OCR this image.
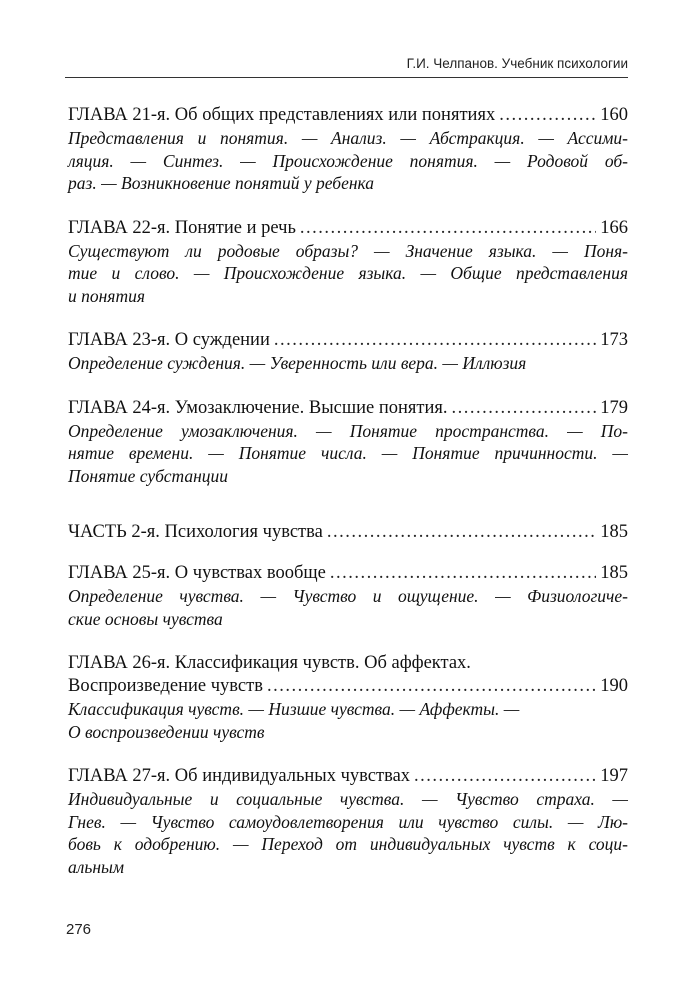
Г.И. Челпанов. Учебник психологии
ГЛАВА 21-я. Об общих представлениях или понятиях .....	160
Представления и понятия. — Анализ. — Абстракция. — Ассими-
ляция. — Синтез. — Происхождение понятия. — Родовой об-
раз. — Возникновение понятий у ребенка
ГЛАВА 22-я. Понятие и речь .....	166
Существуют ли родовые образы? — Значение языка. — Поня-
тие и слово. — Происхождение языка. — Общие представления
и понятия
ГЛАВА 23-я. О суждении .....	173
Определение суждения. — Уверенность или вера. — Иллюзия
ГЛАВА 24-я. Умозаключение. Высшие понятия. .....	179
Определение умозаключения. — Понятие пространства. — По-
нятие времени. — Понятие числа. — Понятие причинности. —
Понятие субстанции
ЧАСТЬ 2-я. Психология чувства .....	185
ГЛАВА 25-я. О чувствах вообще .....	185
Определение чувства. — Чувство и ощущение. — Физиологиче-
ские основы чувства
ГЛАВА 26-я. Классификация чувств. Об аффектах.
Воспроизведение чувств .....	190
Классификация чувств. — Низшие чувства. — Аффекты. —
О воспроизведении чувств
ГЛАВА 27-я. Об индивидуальных чувствах .....	197
Индивидуальные и социальные чувства. — Чувство страха. —
Гнев. — Чувство самоудовлетворения или чувство силы. — Лю-
бовь к одобрению. — Переход от индивидуальных чувств к соци-
альным
276
